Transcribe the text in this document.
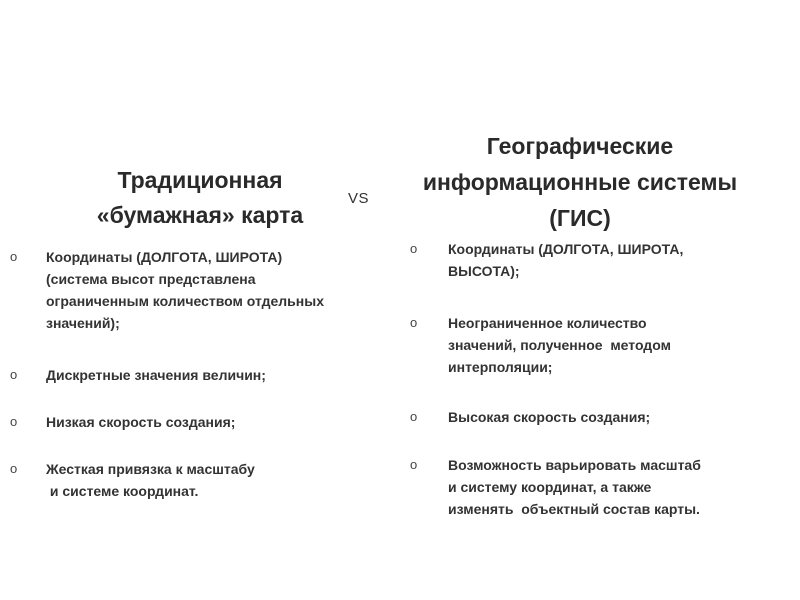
Традиционная
«бумажная» карта
VS
Географические
информационные системы
(ГИС)
o Координаты (ДОЛГОТА, ШИРОТА)
(система высот представлена
ограниченным количеством отдельных
значений);
o Дискретные значения величин;
o Низкая скорость создания;
o Жесткая привязка к масштабу
и системе координат.
o Координаты (ДОЛГОТА, ШИРОТА,
ВЫСОТА);
o Неограниченное количество
значений, полученное  методом
интерполяции;
o Высокая скорость создания;
o Возможность варьировать масштаб
и систему координат, а также
изменять  объектный состав карты.
